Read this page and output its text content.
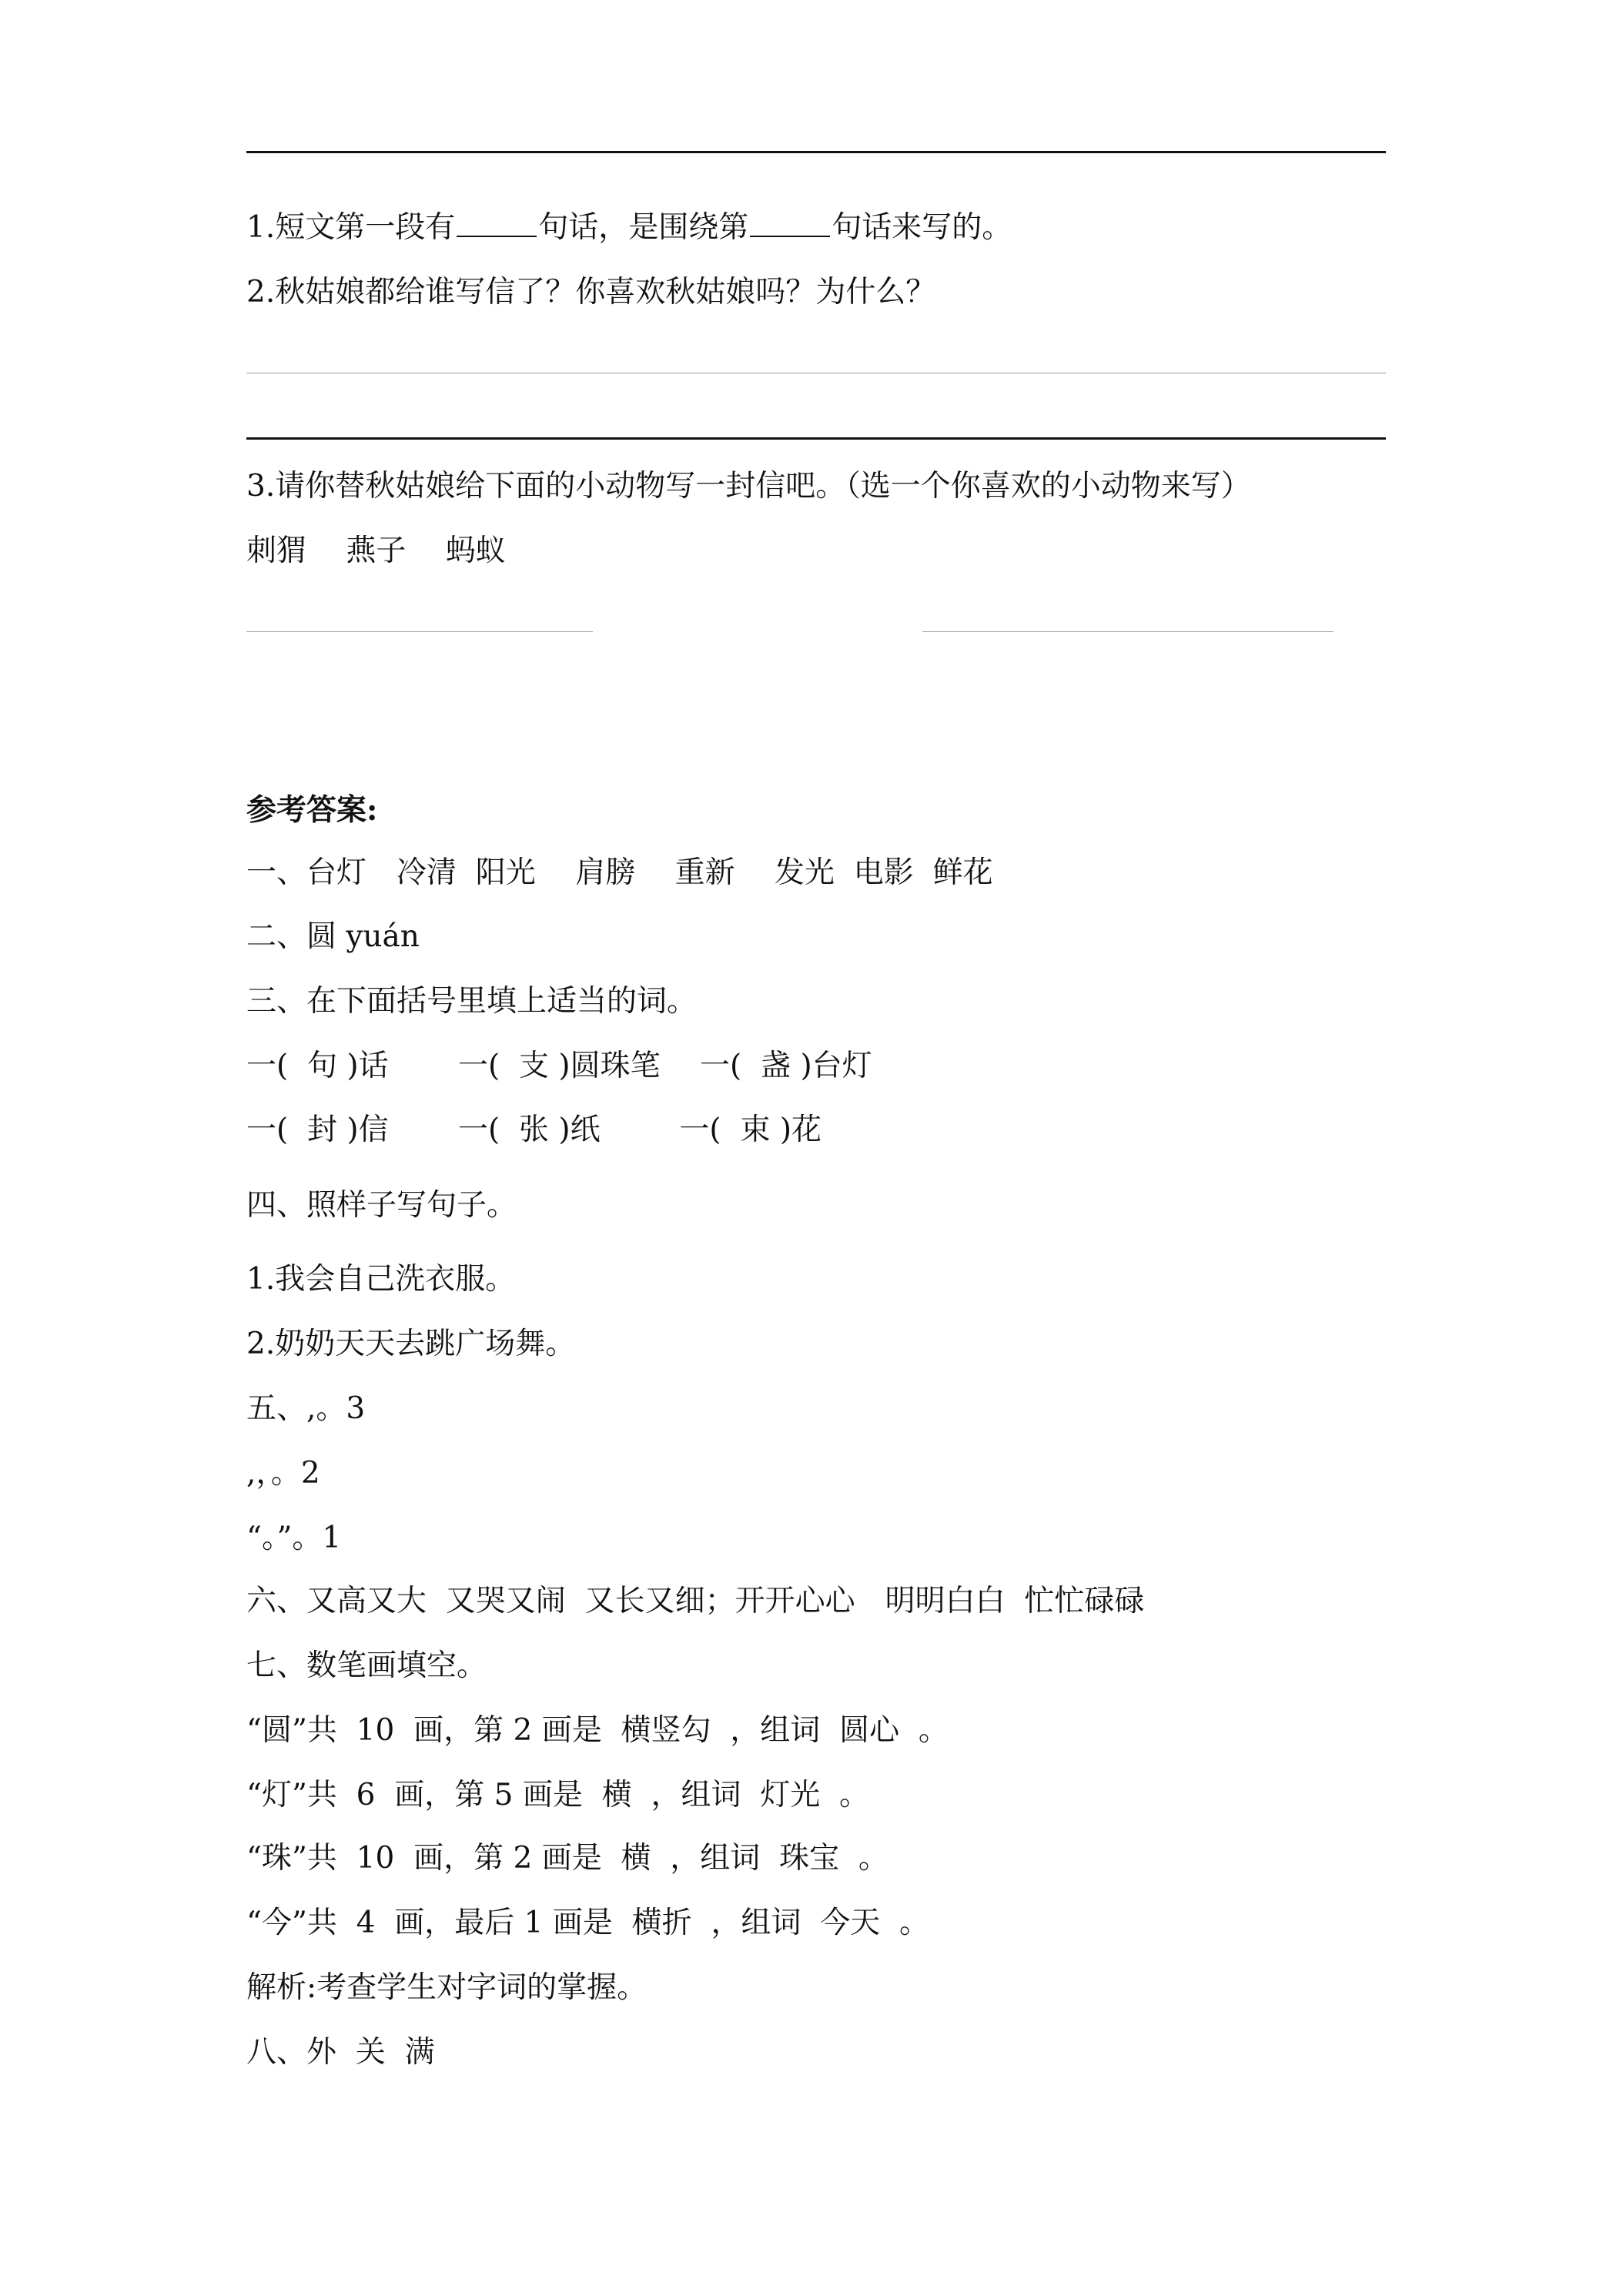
1.短文第一段有	句话，是围绕第	句话来写的。
2.秋姑娘都给谁写信了？你喜欢秋姑娘吗？为什么？
3.请你替秋姑娘给下面的小动物写一封信吧。（选一个你喜欢的小动物来写）
刺猬　 燕子　 蚂蚁
参考答案:
一、台灯　冷清  阳光　 肩膀　 重新　 发光  电影  鲜花
二、圆 yuán
三、在下面括号里填上适当的词。
一(  句 )话　　 一(  支 )圆珠笔　 一(  盏 )台灯
一(  封 )信　　 一(  张 )纸　　  一(  束 )花
四、照样子写句子。
1.我会自己洗衣服。
2.奶奶天天去跳广场舞。
五、,。3
,，。2
“。”。1
六、又高又大  又哭又闹  又长又细；开开心心　明明白白  忙忙碌碌
七、数笔画填空。
“圆”共  10  画，第 2 画是  横竖勾  ，组词  圆心  。
“灯”共  6  画，第 5 画是  横  ，组词  灯光  。
“珠”共  10  画，第 2 画是  横  ，组词  珠宝  。
“今”共  4  画，最后 1 画是  横折  ，组词  今天  。
解析:考查学生对字词的掌握。
八、外  关  满
